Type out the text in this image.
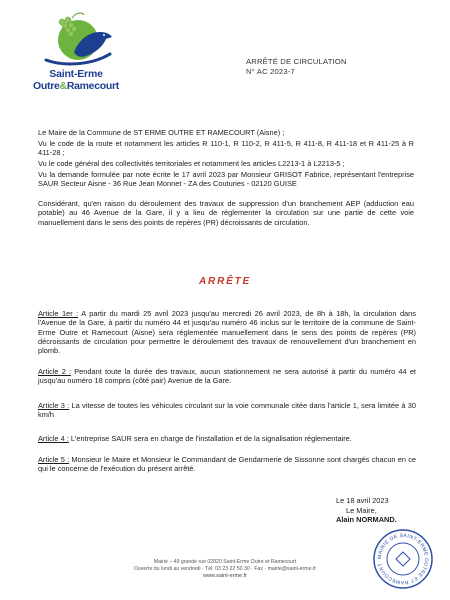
Saint-Erme
Outre&Ramecourt
ARRÊTÉ DE CIRCULATION
N° AC 2023-7
Le Maire de la Commune de ST ERME OUTRE ET RAMECOURT (Aisne) ;
Vu le code de la route et notamment les articles R 110-1, R 110-2, R 411-5, R 411-8, R 411-18 et R 411-25 à R 411-28 ;
Vu le code général des collectivités territoriales et notamment les articles L2213-1 à L2213-5 ;
Vu la demande formulée par note écrite le 17 avril 2023 par Monsieur GRISOT Fabrice, représentant l'entreprise SAUR Secteur Aisne - 36 Rue Jean Monnet - ZA des Couturies - 02120 GUISE
Considérant, qu'en raison du déroulement des travaux de suppression d'un branchement AEP (adduction eau potable) au 46 Avenue de la Gare, il y a lieu de réglementer la circulation sur une partie de cette voie manuellement dans le sens des points de repères (PR) décroissants de circulation.
ARRÊTE
Article 1er : A partir du mardi 25 avril 2023 jusqu'au mercredi 26 avril 2023, de 8h à 18h, la circulation dans l'Avenue de la Gare, à partir du numéro 44 et jusqu'au numéro 46 inclus sur le territoire de la commune de Saint-Erme Outre et Ramecourt (Aisne) sera réglementée manuellement dans le sens des points de repères (PR) décroissants de circulation pour permettre le déroulement des travaux de renouvellement d'un branchement en plomb.
Article 2 : Pendant toute la durée des travaux, aucun stationnement ne sera autorisé à partir du numéro 44 et jusqu'au numéro 18 compris (côté pair) Avenue de la Gare.
Article 3 : La vitesse de toutes les véhicules circulant sur la voie communale citée dans l'article 1, sera limitée à 30 km/h
Article 4 : L'entreprise SAUR sera en charge de l'installation et de la signalisation réglementaire.
Article 5 : Monsieur le Maire et Monsieur le Commandant de Gendarmerie de Sissonne sont chargés chacun en ce qui le concerne de l'exécution du présent arrêté.
Le 18 avril 2023
Le Maire,
Alain NORMAND.
MAIRIE DE SAINT-ERME OUTRE ET RAMECOURT
Mairie – 49 grande rue 02820 Saint-Erme Outre et Ramecourt
Ouverte du lundi au vendredi · Tél. 03 23 22 50 30 · Fax · mairie@saint-erme.fr
www.saint-erme.fr
